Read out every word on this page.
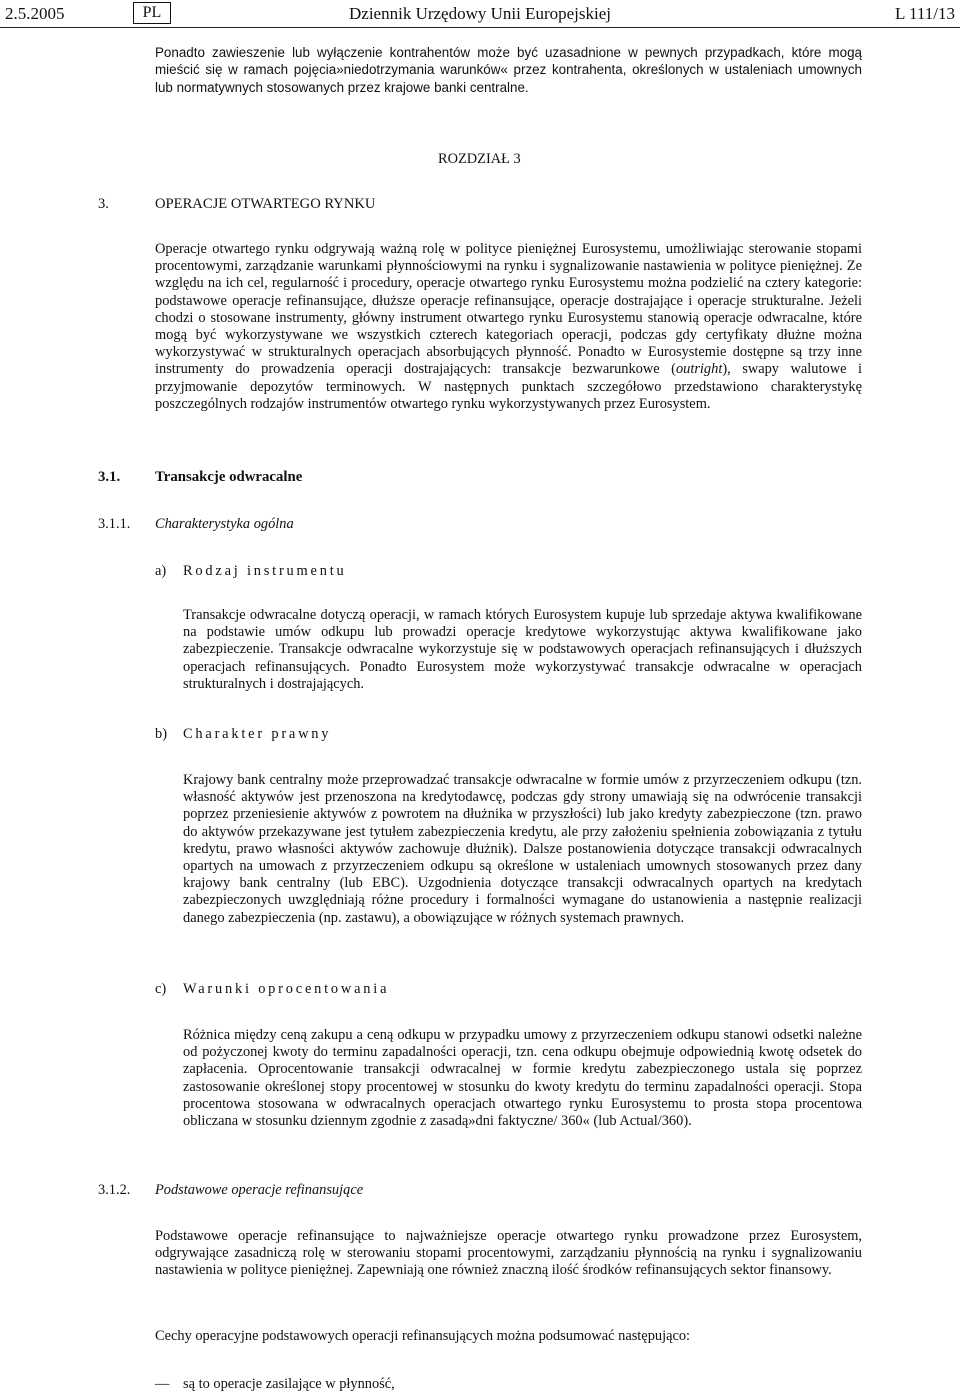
2.5.2005	PL	Dziennik Urzędowy Unii Europejskiej	L 111/13
Ponadto zawieszenie lub wyłączenie kontrahentów może być uzasadnione w pewnych przypadkach, które mogą mieścić się w ramach pojęcia»niedotrzymania warunków« przez kontrahenta, określonych w ustaleniach umownych lub normatywnych stosowanych przez krajowe banki centralne.
ROZDZIAŁ 3
3.	OPERACJE OTWARTEGO RYNKU
Operacje otwartego rynku odgrywają ważną rolę w polityce pieniężnej Eurosystemu, umożliwiając sterowanie stopami procentowymi, zarządzanie warunkami płynnościowymi na rynku i sygnalizowanie nastawienia w polityce pieniężnej. Ze względu na ich cel, regularność i procedury, operacje otwartego rynku Eurosystemu można podzielić na cztery kategorie: podstawowe operacje refinansujące, dłuższe operacje refinansujące, operacje dostrajające i operacje strukturalne. Jeżeli chodzi o stosowane instrumenty, główny instrument otwartego rynku Eurosystemu stanowią operacje odwracalne, które mogą być wykorzystywane we wszystkich czterech kategoriach operacji, podczas gdy certyfikaty dłużne można wykorzystywać w strukturalnych operacjach absorbujących płynność. Ponadto w Eurosystemie dostępne są trzy inne instrumenty do prowadzenia operacji dostrajających: transakcje bezwarunkowe (outright), swapy walutowe i przyjmowanie depozytów terminowych. W następnych punktach szczegółowo przedstawiono charakterystykę poszczególnych rodzajów instrumentów otwartego rynku wykorzystywanych przez Eurosystem.
3.1. Transakcje odwracalne
3.1.1. Charakterystyka ogólna
a) Rodzaj instrumentu
Transakcje odwracalne dotyczą operacji, w ramach których Eurosystem kupuje lub sprzedaje aktywa kwalifikowane na podstawie umów odkupu lub prowadzi operacje kredytowe wykorzystując aktywa kwalifikowane jako zabezpieczenie. Transakcje odwracalne wykorzystuje się w podstawowych operacjach refinansujących i dłuższych operacjach refinansujących. Ponadto Eurosystem może wykorzystywać transakcje odwracalne w operacjach strukturalnych i dostrajających.
b) Charakter prawny
Krajowy bank centralny może przeprowadzać transakcje odwracalne w formie umów z przyrzeczeniem odkupu (tzn. własność aktywów jest przenoszona na kredytodawcę, podczas gdy strony umawiają się na odwrócenie transakcji poprzez przeniesienie aktywów z powrotem na dłużnika w przyszłości) lub jako kredyty zabezpieczone (tzn. prawo do aktywów przekazywane jest tytułem zabezpieczenia kredytu, ale przy założeniu spełnienia zobowiązania z tytułu kredytu, prawo własności aktywów zachowuje dłużnik). Dalsze postanowienia dotyczące transakcji odwracalnych opartych na umowach z przyrzeczeniem odkupu są określone w ustaleniach umownych stosowanych przez dany krajowy bank centralny (lub EBC). Uzgodnienia dotyczące transakcji odwracalnych opartych na kredytach zabezpieczonych uwzględniają różne procedury i formalności wymagane do ustanowienia a następnie realizacji danego zabezpieczenia (np. zastawu), a obowiązujące w różnych systemach prawnych.
c) Warunki oprocentowania
Różnica między ceną zakupu a ceną odkupu w przypadku umowy z przyrzeczeniem odkupu stanowi odsetki należne od pożyczonej kwoty do terminu zapadalności operacji, tzn. cena odkupu obejmuje odpowiednią kwotę odsetek do zapłacenia. Oprocentowanie transakcji odwracalnej w formie kredytu zabezpieczonego ustala się poprzez zastosowanie określonej stopy procentowej w stosunku do kwoty kredytu do terminu zapadalności operacji. Stopa procentowa stosowana w odwracalnych operacjach otwartego rynku Eurosystemu to prosta stopa procentowa obliczana w stosunku dziennym zgodnie z zasadą»dni faktyczne/ 360« (lub Actual/360).
3.1.2. Podstawowe operacje refinansujące
Podstawowe operacje refinansujące to najważniejsze operacje otwartego rynku prowadzone przez Eurosystem, odgrywające zasadniczą rolę w sterowaniu stopami procentowymi, zarządzaniu płynnością na rynku i sygnalizowaniu nastawienia w polityce pieniężnej. Zapewniają one również znaczną ilość środków refinansujących sektor finansowy.
Cechy operacyjne podstawowych operacji refinansujących można podsumować następująco:
— są to operacje zasilające w płynność,
